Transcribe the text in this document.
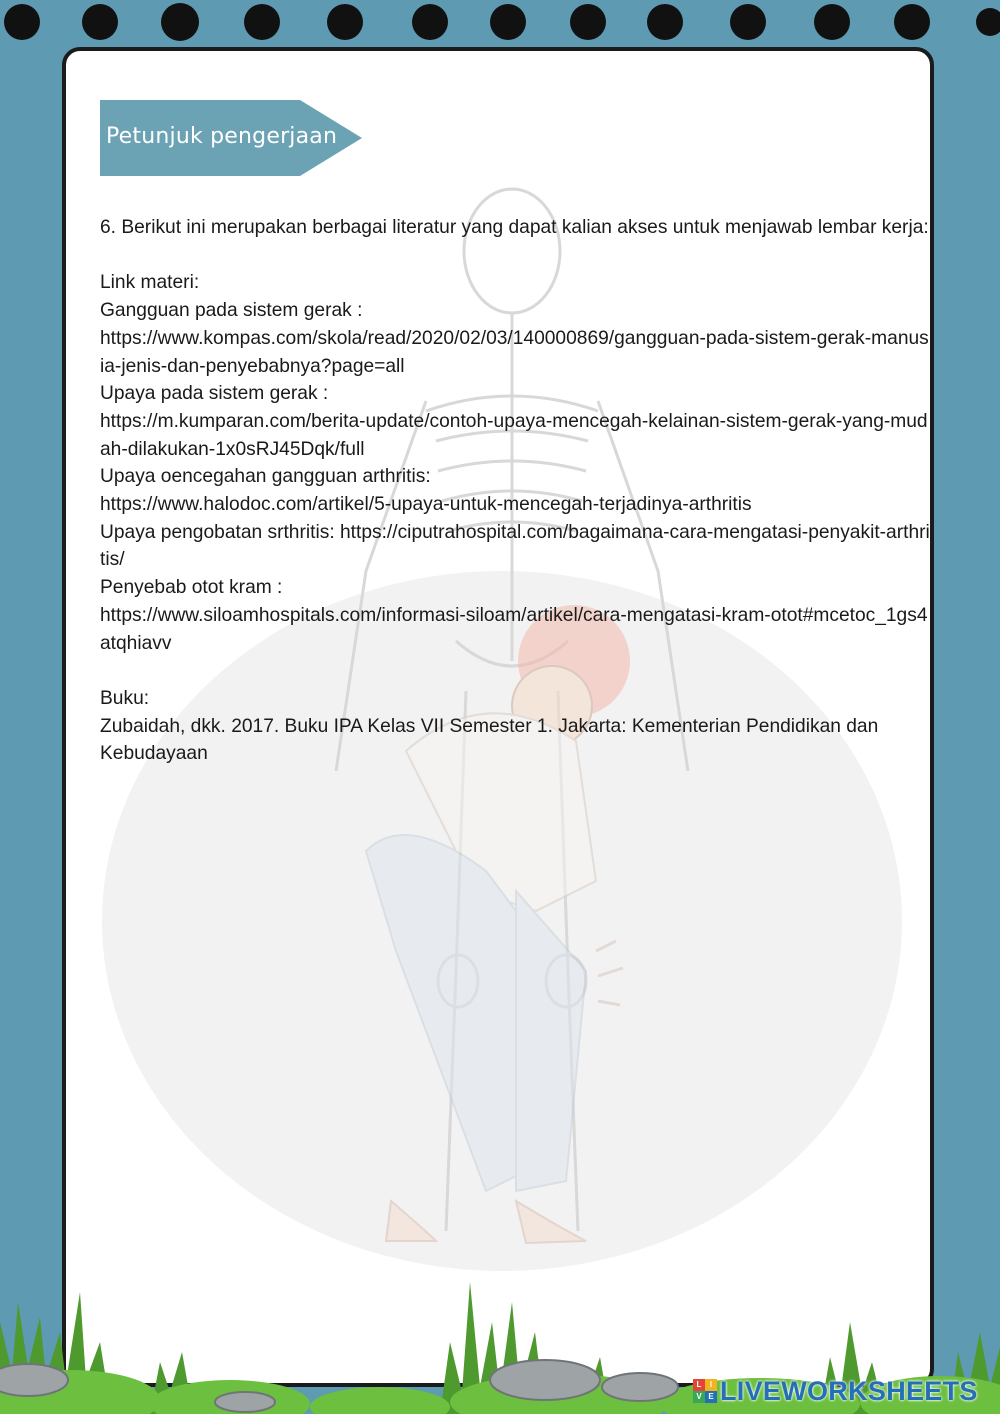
Petunjuk pengerjaan

6. Berikut ini merupakan berbagai literatur yang dapat kalian akses untuk menjawab lembar kerja:

Link materi:

Gangguan pada sistem gerak :

https://www.kompas.com/skola/read/2020/02/03/140000869/gangguan-pada-sistem-gerak-manusia-jenis-dan-penyebabnya?page=all

Upaya pada sistem gerak :

https://m.kumparan.com/berita-update/contoh-upaya-mencegah-kelainan-sistem-gerak-yang-mudah-dilakukan-1x0sRJ45Dqk/full

Upaya oencegahan gangguan arthritis:

https://www.halodoc.com/artikel/5-upaya-untuk-mencegah-terjadinya-arthritis

Upaya pengobatan srthritis: https://ciputrahospital.com/bagaimana-cara-mengatasi-penyakit-arthritis/

Penyebab otot kram :

https://www.siloamhospitals.com/informasi-siloam/artikel/cara-mengatasi-kram-otot#mcetoc_1gs4atqhiavv

Buku:

Zubaidah, dkk. 2017. Buku IPA Kelas VII Semester 1. Jakarta: Kementerian Pendidikan dan Kebudayaan

L	I
V E LIVEWORKSHEETS
